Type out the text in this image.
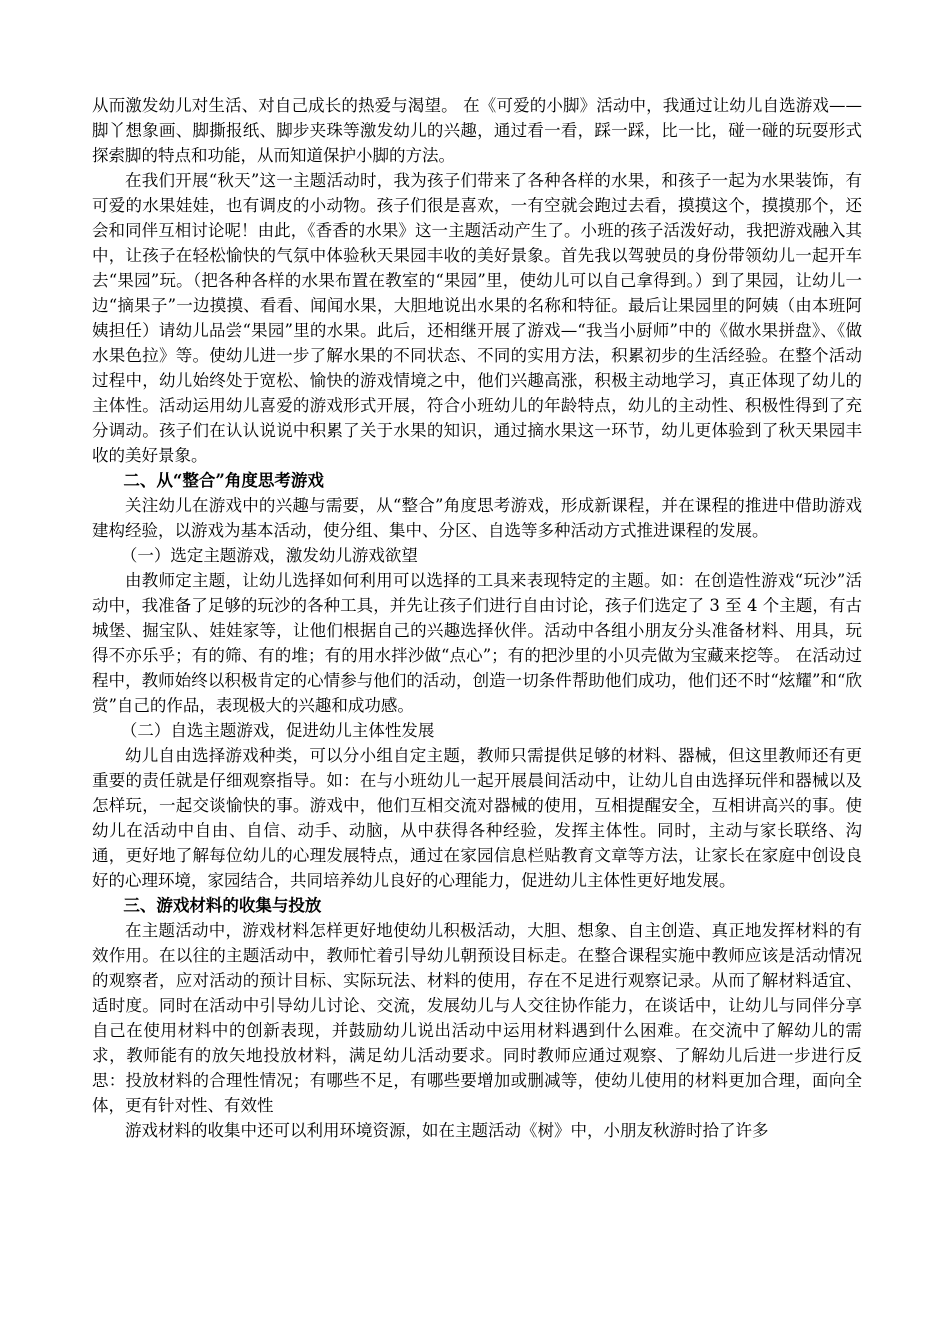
从而激发幼儿对生活、对自己成长的热爱与渴望。 在《可爱的小脚》活动中，我通过让幼儿自选游戏——脚丫想象画、脚撕报纸、脚步夹珠等激发幼儿的兴趣，通过看一看，踩一踩，比一比，碰一碰的玩耍形式探索脚的特点和功能，从而知道保护小脚的方法。

在我们开展“秋天”这一主题活动时，我为孩子们带来了各种各样的水果，和孩子一起为水果装饰，有可爱的水果娃娃，也有调皮的小动物。孩子们很是喜欢，一有空就会跑过去看，摸摸这个，摸摸那个，还会和同伴互相讨论呢！由此，《香香的水果》这一主题活动产生了。小班的孩子活泼好动，我把游戏融入其中，让孩子在轻松愉快的气氛中体验秋天果园丰收的美好景象。首先我以驾驶员的身份带领幼儿一起开车去“果园”玩。（把各种各样的水果布置在教室的“果园”里，使幼儿可以自己拿得到。）到了果园，让幼儿一边“摘果子”一边摸摸、看看、闻闻水果，大胆地说出水果的名称和特征。最后让果园里的阿姨（由本班阿姨担任）请幼儿品尝“果园”里的水果。此后，还相继开展了游戏—“我当小厨师”中的《做水果拼盘》、《做水果色拉》等。使幼儿进一步了解水果的不同状态、不同的实用方法，积累初步的生活经验。在整个活动过程中，幼儿始终处于宽松、愉快的游戏情境之中，他们兴趣高涨，积极主动地学习，真正体现了幼儿的主体性。活动运用幼儿喜爱的游戏形式开展，符合小班幼儿的年龄特点，幼儿的主动性、积极性得到了充分调动。孩子们在认认说说中积累了关于水果的知识，通过摘水果这一环节，幼儿更体验到了秋天果园丰收的美好景象。

二、从“整合”角度思考游戏

关注幼儿在游戏中的兴趣与需要，从“整合”角度思考游戏，形成新课程，并在课程的推进中借助游戏建构经验，以游戏为基本活动，使分组、集中、分区、自选等多种活动方式推进课程的发展。

（一）选定主题游戏，激发幼儿游戏欲望

由教师定主题，让幼儿选择如何利用可以选择的工具来表现特定的主题。如：在创造性游戏“玩沙”活动中，我准备了足够的玩沙的各种工具，并先让孩子们进行自由讨论，孩子们选定了 3 至 4 个主题，有古城堡、掘宝队、娃娃家等，让他们根据自己的兴趣选择伙伴。活动中各组小朋友分头准备材料、用具，玩得不亦乐乎；有的筛、有的堆；有的用水拌沙做“点心”；有的把沙里的小贝壳做为宝藏来挖等。 在活动过程中，教师始终以积极肯定的心情参与他们的活动，创造一切条件帮助他们成功，他们还不时“炫耀”和“欣赏”自己的作品，表现极大的兴趣和成功感。

（二）自选主题游戏，促进幼儿主体性发展

幼儿自由选择游戏种类，可以分小组自定主题，教师只需提供足够的材料、器械，但这里教师还有更重要的责任就是仔细观察指导。如：在与小班幼儿一起开展晨间活动中，让幼儿自由选择玩伴和器械以及怎样玩，一起交谈愉快的事。游戏中，他们互相交流对器械的使用，互相提醒安全，互相讲高兴的事。使幼儿在活动中自由、自信、动手、动脑，从中获得各种经验，发挥主体性。同时，主动与家长联络、沟通，更好地了解每位幼儿的心理发展特点，通过在家园信息栏贴教育文章等方法，让家长在家庭中创设良好的心理环境，家园结合，共同培养幼儿良好的心理能力，促进幼儿主体性更好地发展。

三、游戏材料的收集与投放

在主题活动中，游戏材料怎样更好地使幼儿积极活动，大胆、想象、自主创造、真正地发挥材料的有效作用。在以往的主题活动中，教师忙着引导幼儿朝预设目标走。在整合课程实施中教师应该是活动情况的观察者，应对活动的预计目标、实际玩法、材料的使用，存在不足进行观察记录。从而了解材料适宜、适时度。同时在活动中引导幼儿讨论、交流，发展幼儿与人交往协作能力，在谈话中，让幼儿与同伴分享自己在使用材料中的创新表现，并鼓励幼儿说出活动中运用材料遇到什么困难。在交流中了解幼儿的需求，教师能有的放矢地投放材料，满足幼儿活动要求。同时教师应通过观察、了解幼儿后进一步进行反思：投放材料的合理性情况；有哪些不足，有哪些要增加或删减等，使幼儿使用的材料更加合理，面向全体，更有针对性、有效性

游戏材料的收集中还可以利用环境资源，如在主题活动《树》中，小朋友秋游时拾了许多
